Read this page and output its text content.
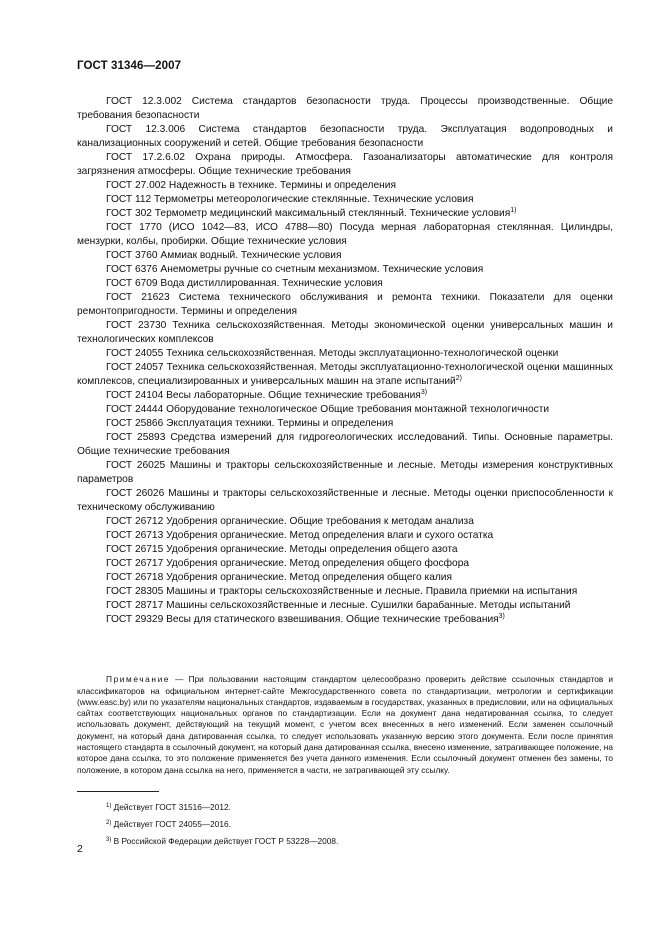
ГОСТ 31346—2007

ГОСТ 12.3.002 Система стандартов безопасности труда. Процессы производственные. Общие требования безопасности

ГОСТ 12.3.006 Система стандартов безопасности труда. Эксплуатация водопроводных и канализационных сооружений и сетей. Общие требования безопасности

ГОСТ 17.2.6.02 Охрана природы. Атмосфера. Газоанализаторы автоматические для контроля загрязнения атмосферы. Общие технические требования

ГОСТ 27.002 Надежность в технике. Термины и определения

ГОСТ 112 Термометры метеорологические стеклянные. Технические условия

ГОСТ 302 Термометр медицинский максимальный стеклянный. Технические условия$^{1)}$

ГОСТ 1770 (ИСО 1042—83, ИСО 4788—80) Посуда мерная лабораторная стеклянная. Цилиндры, мензурки, колбы, пробирки. Общие технические условия

ГОСТ 3760 Аммиак водный. Технические условия

ГОСТ 6376 Анемометры ручные со счетным механизмом. Технические условия

ГОСТ 6709 Вода дистиллированная. Технические условия

ГОСТ 21623 Система технического обслуживания и ремонта техники. Показатели для оценки ремонтопригодности. Термины и определения

ГОСТ 23730 Техника сельскохозяйственная. Методы экономической оценки универсальных машин и технологических комплексов

ГОСТ 24055 Техника сельскохозяйственная. Методы эксплуатационно-технологической оценки

ГОСТ 24057 Техника сельскохозяйственная. Методы эксплуатационно-технологической оценки машинных комплексов, специализированных и универсальных машин на этапе испытаний$^{2)}$

ГОСТ 24104 Весы лабораторные. Общие технические требования$^{3)}$

ГОСТ 24444 Оборудование технологическое Общие требования монтажной технологичности

ГОСТ 25866 Эксплуатация техники. Термины и определения

ГОСТ 25893 Средства измерений для гидрогеологических исследований. Типы. Основные параметры. Общие технические требования

ГОСТ 26025 Машины и тракторы сельскохозяйственные и лесные. Методы измерения конструктивных параметров

ГОСТ 26026 Машины и тракторы сельскохозяйственные и лесные. Методы оценки приспособленности к техническому обслуживанию

ГОСТ 26712 Удобрения органические. Общие требования к методам анализа

ГОСТ 26713 Удобрения органические. Метод определения влаги и сухого остатка

ГОСТ 26715 Удобрения органические. Методы определения общего азота

ГОСТ 26717 Удобрения органические. Метод определения общего фосфора

ГОСТ 26718 Удобрения органические. Метод определения общего калия

ГОСТ 28305 Машины и тракторы сельскохозяйственные и лесные. Правила приемки на испытания

ГОСТ 28717 Машины сельскохозяйственные и лесные. Сушилки барабанные. Методы испытаний

ГОСТ 29329 Весы для статического взвешивания. Общие технические требования$^{3)}$

Примечание — При пользовании настоящим стандартом целесообразно проверить действие ссылочных стандартов и классификаторов на официальном интернет-сайте Межгосударственного совета по стандартизации, метрологии и сертификации (www.easc.by) или по указателям национальных стандартов, издаваемым в государствах, указанных в предисловии, или на официальных сайтах соответствующих национальных органов по стандартизации. Если на документ дана недатированная ссылка, то следует использовать документ, действующий на текущий момент, с учетом всех внесенных в него изменений. Если заменен ссылочный документ, на который дана датированная ссылка, то следует использовать указанную версию этого документа. Если после принятия настоящего стандарта в ссылочный документ, на который дана датированная ссылка, внесено изменение, затрагивающее положение, на которое дана ссылка, то это положение применяется без учета данного изменения. Если ссылочный документ отменен без замены, то положение, в котором дана ссылка на него, применяется в части, не затрагивающей эту ссылку.

$^{1)}$ Действует ГОСТ 31516—2012.

$^{2)}$ Действует ГОСТ 24055—2016.

$^{3)}$ В Российской Федерации действует ГОСТ Р 53228—2008.

2
